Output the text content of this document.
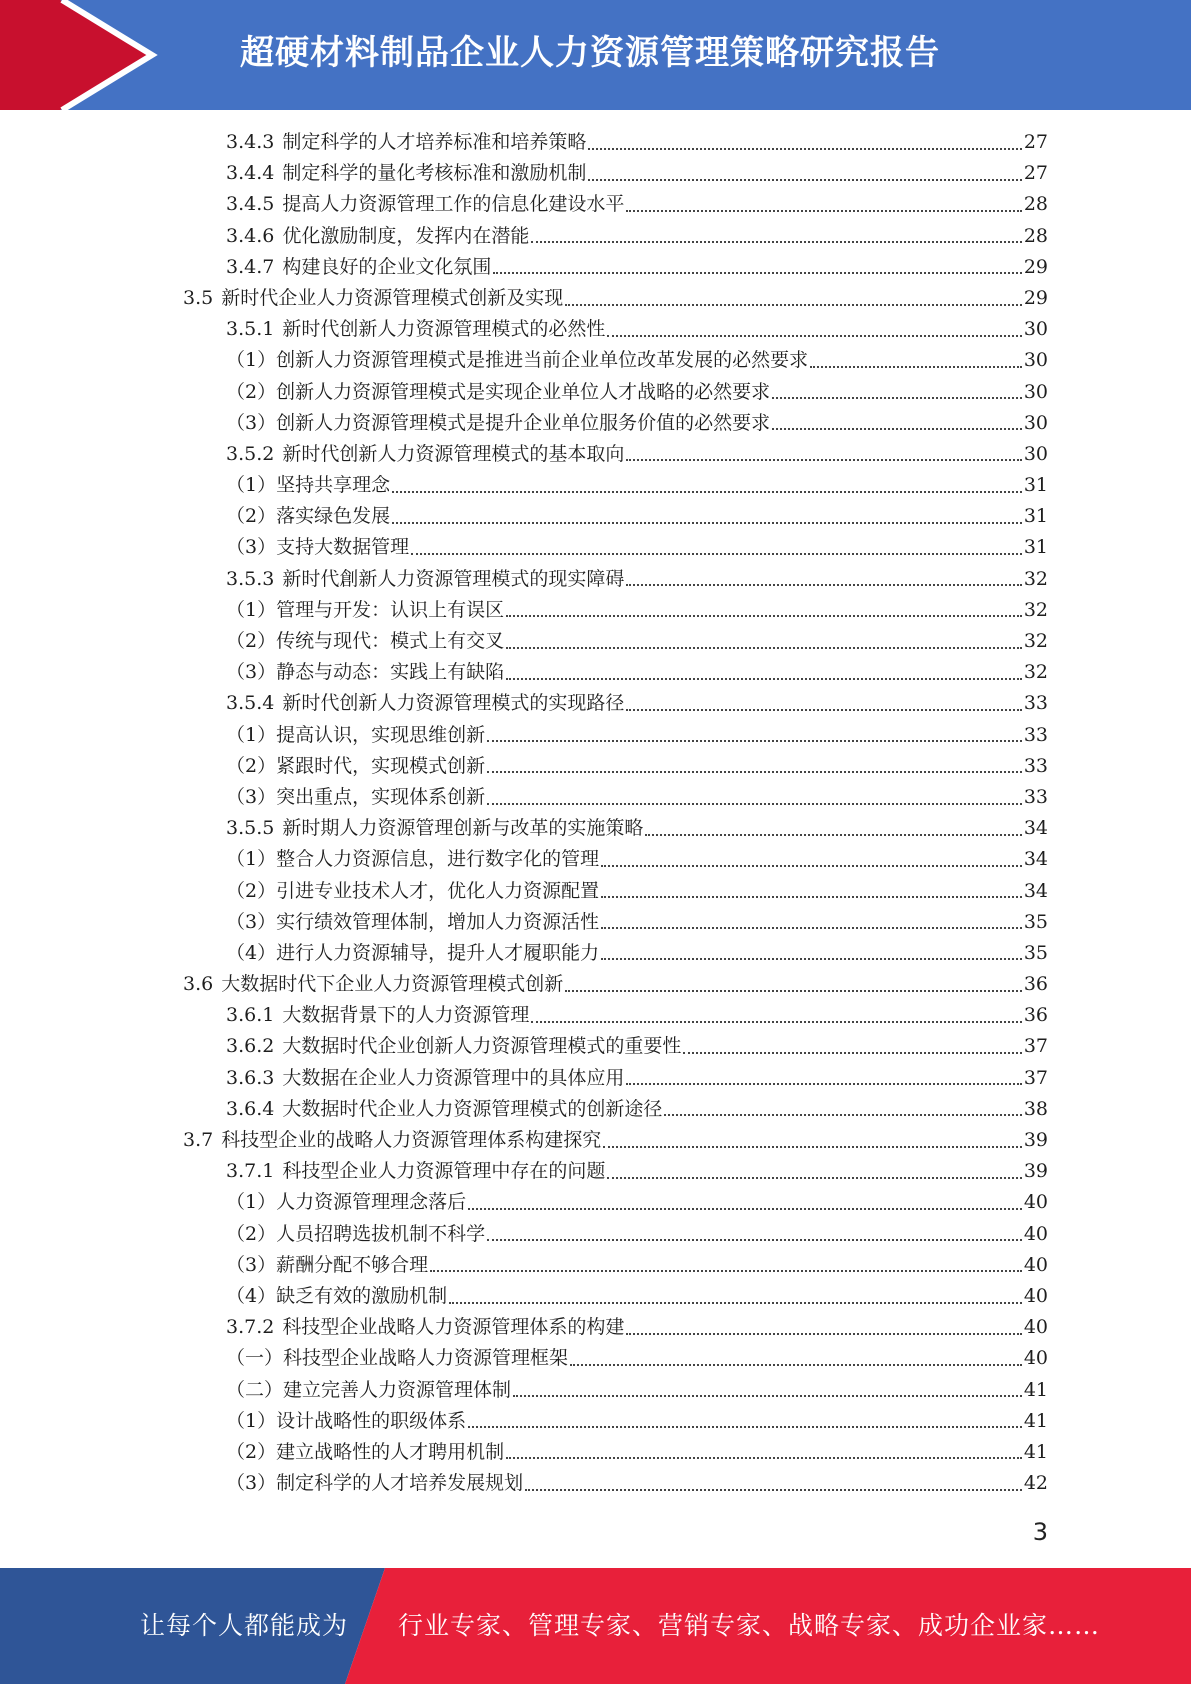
超硬材料制品企业人力资源管理策略研究报告
3.4.3 制定科学的人才培养标准和培养策略	27
3.4.4 制定科学的量化考核标准和激励机制	27
3.4.5 提高人力资源管理工作的信息化建设水平	28
3.4.6 优化激励制度，发挥内在潜能	28
3.4.7 构建良好的企业文化氛围	29
3.5 新时代企业人力资源管理模式创新及实现	29
3.5.1 新时代创新人力资源管理模式的必然性	30
（1） 创新人力资源管理模式是推进当前企业单位改革发展的必然要求	30
（2） 创新人力资源管理模式是实现企业单位人才战略的必然要求	30
（3） 创新人力资源管理模式是提升企业单位服务价值的必然要求	30
3.5.2 新时代创新人力资源管理模式的基本取向	30
（1） 坚持共享理念	31
（2） 落实绿色发展	31
（3） 支持大数据管理	31
3.5.3 新时代創新人力资源管理模式的现实障碍	32
（1） 管理与开发：认识上有误区	32
（2） 传统与现代：模式上有交叉	32
（3） 静态与动态：实践上有缺陷	32
3.5.4 新时代创新人力资源管理模式的实现路径	33
（1） 提高认识，实现思维创新	33
（2） 紧跟时代，实现模式创新	33
（3） 突出重点，实现体系创新	33
3.5.5 新时期人力资源管理创新与改革的实施策略	34
（1） 整合人力资源信息，进行数字化的管理	34
（2） 引进专业技术人才，优化人力资源配置	34
（3） 实行绩效管理体制，增加人力资源活性	35
（4） 进行人力资源辅导，提升人才履职能力	35
3.6 大数据时代下企业人力资源管理模式创新	36
3.6.1 大数据背景下的人力资源管理	36
3.6.2 大数据时代企业创新人力资源管理模式的重要性	37
3.6.3 大数据在企业人力资源管理中的具体应用	37
3.6.4 大数据时代企业人力资源管理模式的创新途径	38
3.7 科技型企业的战略人力资源管理体系构建探究	39
3.7.1 科技型企业人力资源管理中存在的问题	39
（1） 人力资源管理理念落后	40
（2） 人员招聘选拔机制不科学	40
（3） 薪酬分配不够合理	40
（4） 缺乏有效的激励机制	40
3.7.2 科技型企业战略人力资源管理体系的构建	40
（一） 科技型企业战略人力资源管理框架	40
（二） 建立完善人力资源管理体制	41
（1） 设计战略性的职级体系	41
（2） 建立战略性的人才聘用机制	41
（3） 制定科学的人才培养发展规划	42
3
让每个人都能成为 行业专家、管理专家、营销专家、战略专家、成功企业家……
